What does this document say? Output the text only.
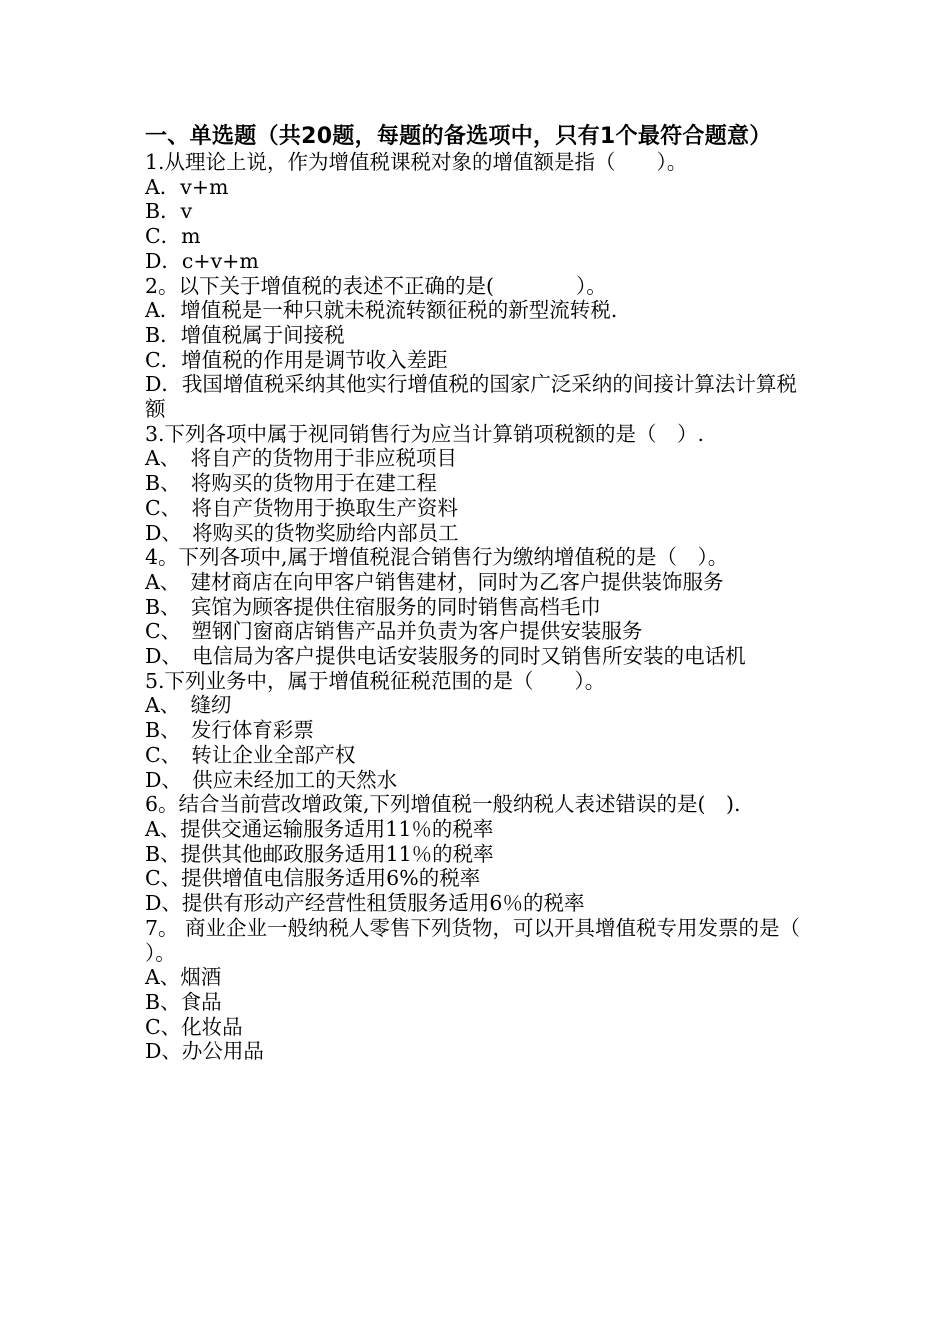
一、单选题（共20题，每题的备选项中，只有1个最符合题意）

1.从理论上说，作为增值税课税对象的增值额是指（　　）。

A．v+m

B．v

C．m

D．c+v+m

2。以下关于增值税的表述不正确的是(　　　　）。

A．增值税是一种只就未税流转额征税的新型流转税.

B．增值税属于间接税

C．增值税的作用是调节收入差距

D．我国增值税采纳其他实行增值税的国家广泛采纳的间接计算法计算税额

3.下列各项中属于视同销售行为应当计算销项税额的是（　）.

A、　将自产的货物用于非应税项目

B、　将购买的货物用于在建工程

C、　将自产货物用于换取生产资料

D、　将购买的货物奖励给内部员工

4。下列各项中,属于增值税混合销售行为缴纳增值税的是（　）。

A、　建材商店在向甲客户销售建材，同时为乙客户提供装饰服务

B、　宾馆为顾客提供住宿服务的同时销售高档毛巾

C、　塑钢门窗商店销售产品并负责为客户提供安装服务

D、　电信局为客户提供电话安装服务的同时又销售所安装的电话机

5.下列业务中，属于增值税征税范围的是（　　）。

A、　缝纫

B、　发行体育彩票

C、　转让企业全部产权

D、　供应未经加工的天然水

6。结合当前营改增政策,下列增值税一般纳税人表述错误的是(　).

A、提供交通运输服务适用11％的税率

B、提供其他邮政服务适用11％的税率

C、提供增值电信服务适用6%的税率

D、提供有形动产经营性租赁服务适用6％的税率

7。 商业企业一般纳税人零售下列货物，可以开具增值税专用发票的是（　　）。

A、烟酒

B、食品

C、化妆品

D、办公用品
